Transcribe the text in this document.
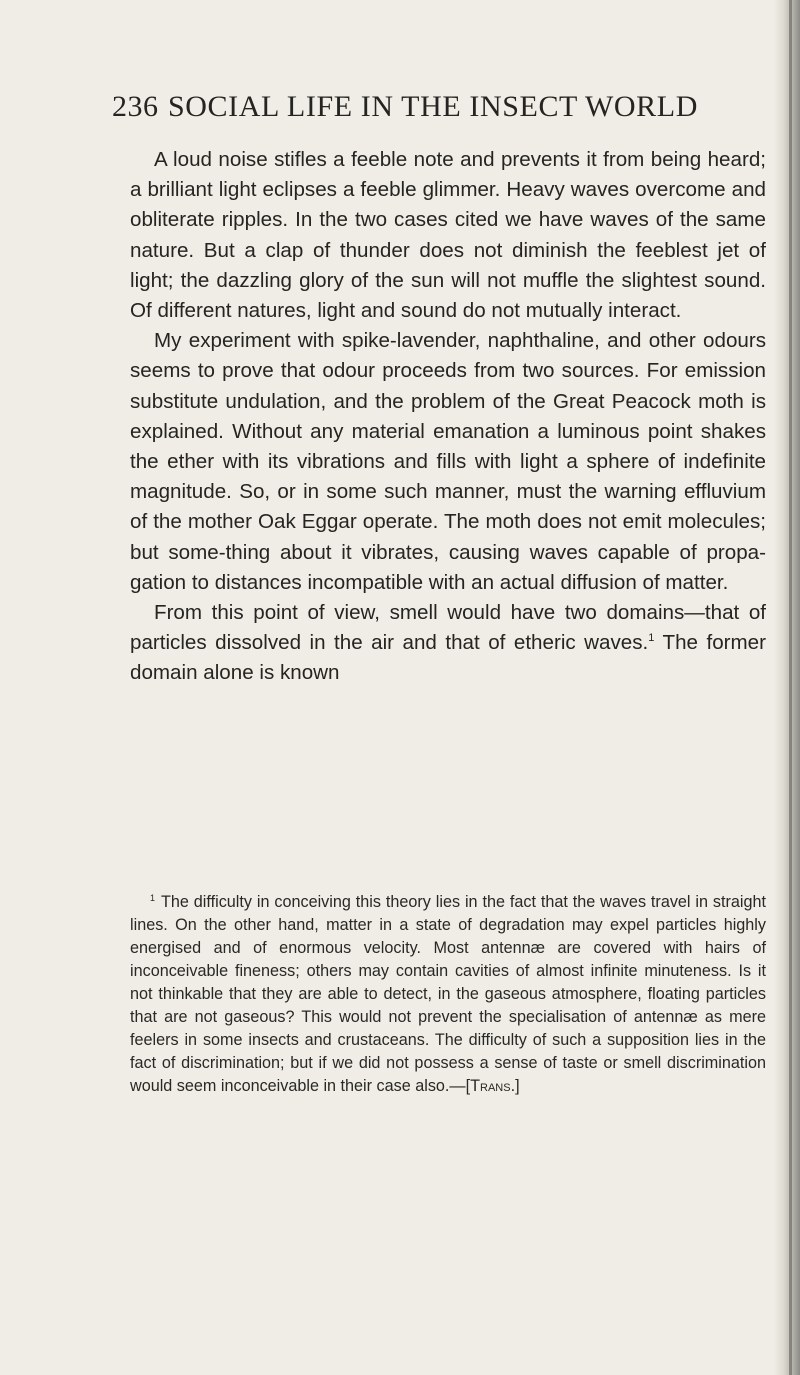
236 SOCIAL LIFE IN THE INSECT WORLD

A loud noise stifles a feeble note and prevents it from being heard; a brilliant light eclipses a feeble glimmer. Heavy waves overcome and obliterate ripples. In the two cases cited we have waves of the same nature. But a clap of thunder does not diminish the feeblest jet of light; the dazzling glory of the sun will not muffle the slightest sound. Of different natures, light and sound do not mutually interact.

My experiment with spike-lavender, naphthaline, and other odours seems to prove that odour proceeds from two sources. For emission substitute undulation, and the problem of the Great Peacock moth is explained. Without any material emanation a luminous point shakes the ether with its vibrations and fills with light a sphere of indefinite magnitude. So, or in some such manner, must the warning effluvium of the mother Oak Eggar operate. The moth does not emit molecules; but some-thing about it vibrates, causing waves capable of propa-gation to distances incompatible with an actual diffusion of matter.

From this point of view, smell would have two domains—that of particles dissolved in the air and that of etheric waves.$^1$ The former domain alone is known

$^1$ The difficulty in conceiving this theory lies in the fact that the waves travel in straight lines. On the other hand, matter in a state of degradation may expel particles highly energised and of enormous velocity. Most antennæ are covered with hairs of inconceivable fineness; others may contain cavities of almost infinite minuteness. Is it not thinkable that they are able to detect, in the gaseous atmosphere, floating particles that are not gaseous? This would not prevent the specialisation of antennæ as mere feelers in some insects and crustaceans. The difficulty of such a supposition lies in the fact of discrimination; but if we did not possess a sense of taste or smell discrimination would seem inconceivable in their case also.—[Trans.]
